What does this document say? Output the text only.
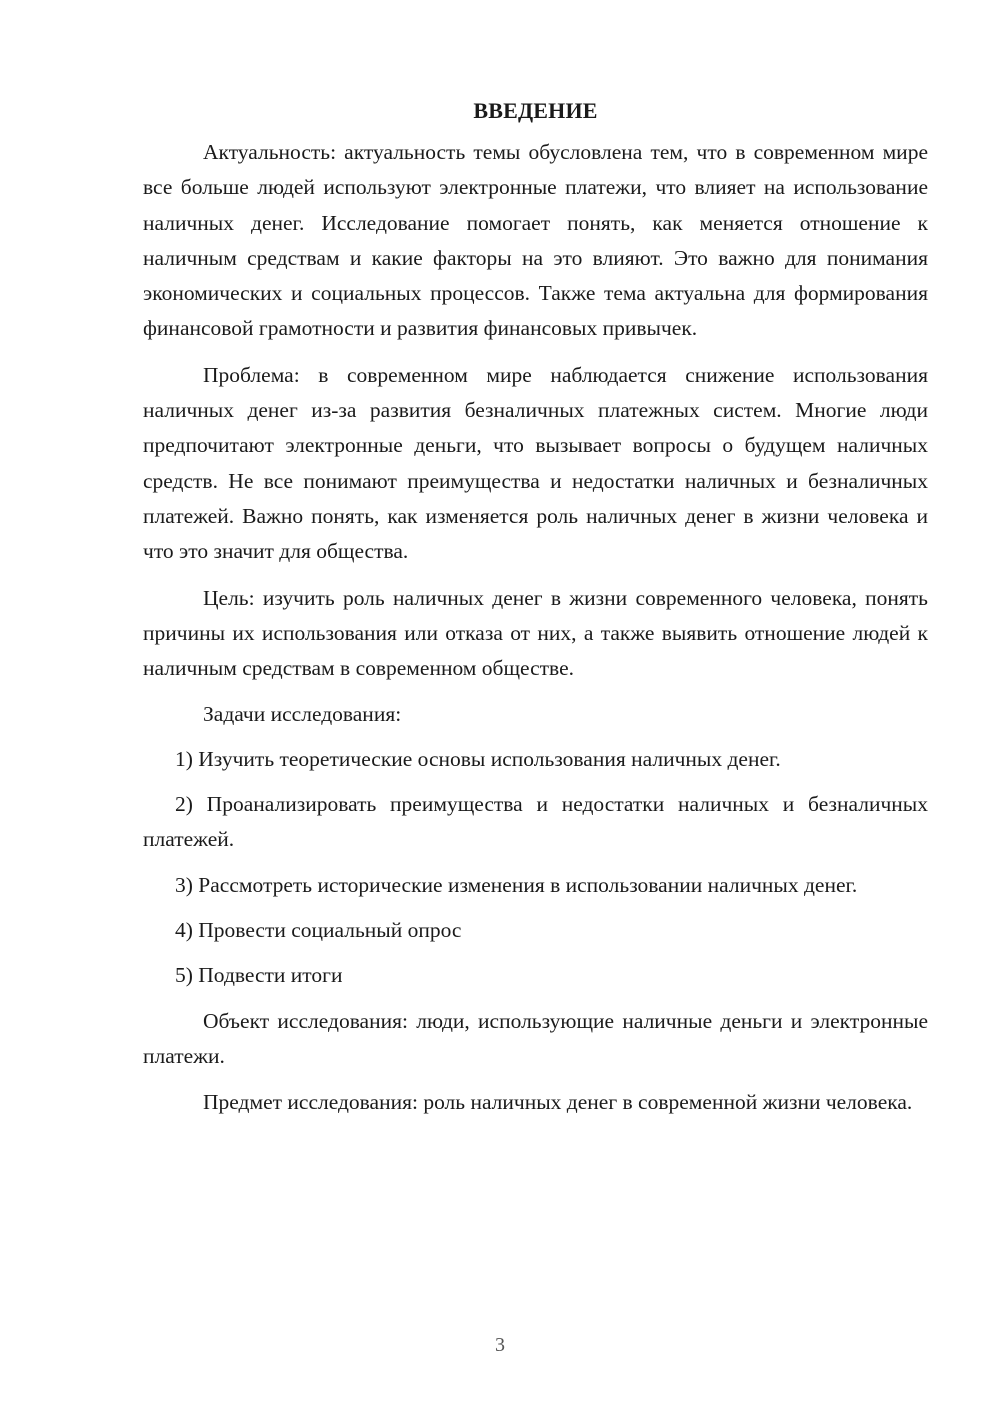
ВВЕДЕНИЕ

Актуальность: актуальность темы обусловлена тем, что в современном мире все больше людей используют электронные платежи, что влияет на использование наличных денег. Исследование помогает понять, как меняется отношение к наличным средствам и какие факторы на это влияют. Это важно для понимания экономических и социальных процессов. Также тема актуальна для формирования финансовой грамотности и развития финансовых привычек.

Проблема: в современном мире наблюдается снижение использования наличных денег из-за развития безналичных платежных систем. Многие люди предпочитают электронные деньги, что вызывает вопросы о будущем наличных средств. Не все понимают преимущества и недостатки наличных и безналичных платежей. Важно понять, как изменяется роль наличных денег в жизни человека и что это значит для общества.

Цель: изучить роль наличных денег в жизни современного человека, понять причины их использования или отказа от них, а также выявить отношение людей к наличным средствам в современном обществе.

Задачи исследования:

1) Изучить теоретические основы использования наличных денег.

2) Проанализировать преимущества и недостатки наличных и безналичных платежей.

3) Рассмотреть исторические изменения в использовании наличных денег.

4) Провести социальный опрос

5) Подвести итоги

Объект исследования: люди, использующие наличные деньги и электронные платежи.

Предмет исследования: роль наличных денег в современной жизни человека.

3
